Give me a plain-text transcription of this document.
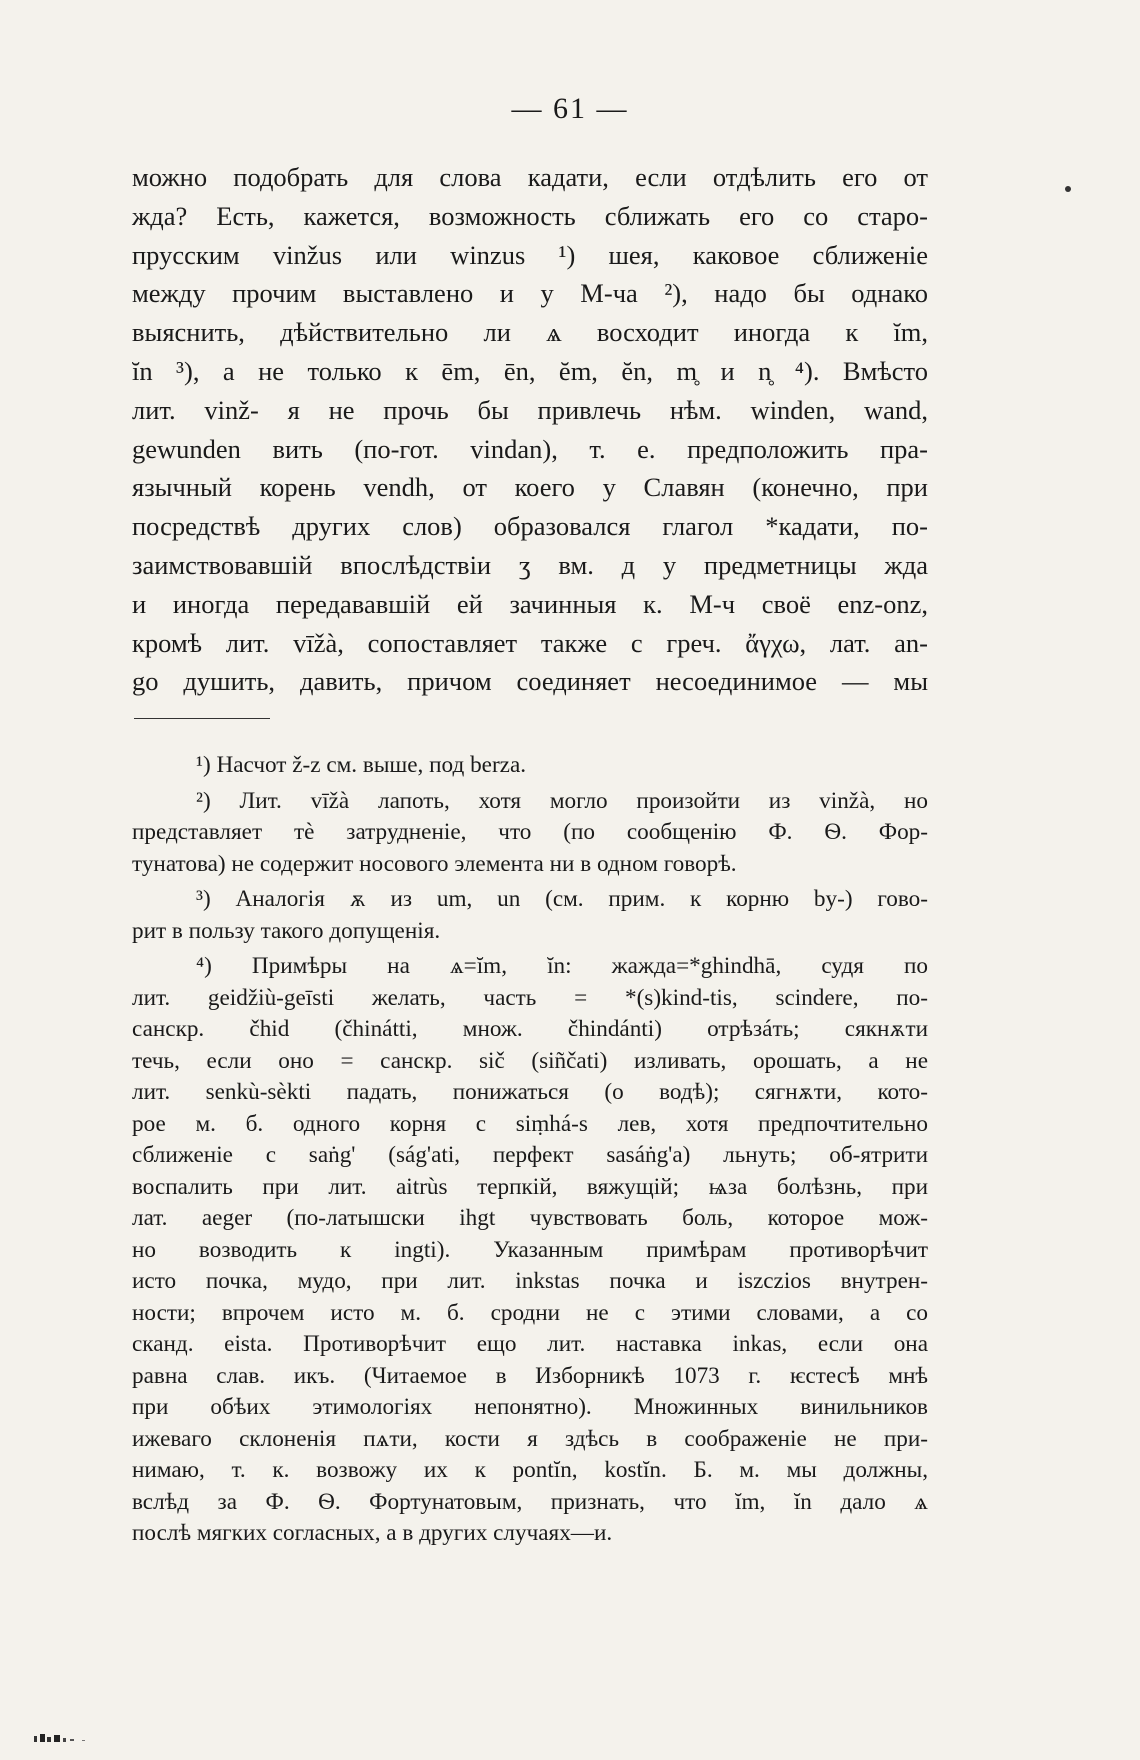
— 61 —
можно подобрать для слова кадати, если отдѣлить его от
жда? Есть, кажется, возможность сближать его со старо-
прусским vinžus или winzus ¹) шея, каковое сближеніе
между прочим выставлено и у М-ча ²), надо бы однако
выяснить, дѣйствительно ли ѧ восходит иногда к ĭm,
ĭn ³), а не только к ēm, ēn, ĕm, ĕn, m̥ и n̥ ⁴). Вмѣсто
лит. vinž- я не прочь бы привлечь нѣм. winden, wand,
gewunden вить (по-гот. vindan), т. е. предположить пра-
язычный корень vendh, от коего у Славян (конечно, при
посредствѣ других слов) образовался глагол *кадати, по-
заимствовавшій впослѣдствіи ʒ вм. д у предметницы жда
и иногда передававшій ей зачинныя к. М-ч своё enz-onz,
кромѣ лит. vīžà, сопоставляет также с греч. ἄγχω, лат. an-
go душить, давить, причом соединяет несоединимое — мы
¹) Насчот ž-z см. выше, под berza.
²) Лит. vīžà лапоть, хотя могло произойти из vinžà, но
представляет тѐ затрудненіе, что (по сообщенію Ф. Ѳ. Фор-
тунатова) не содержит носового элемента ни в одном говорѣ.
³) Аналогія ѫ из um, un (см. прим. к корню by-) гово-
рит в пользу такого допущенія.
⁴) Примѣры на ѧ=ĭm, ĭn: жажда=*ghindhā, судя по
лит. geidžiù-geīsti желать, часть = *(s)kind-tis, scindere, по-
санскр. čhid (čhinátti, множ. čhindánti) отрѣзáть; сякнѫти
течь, если оно = санскр. sič (siñčati) изливать, орошать, а не
лит. senkù-sèkti падать, понижаться (о водѣ); сягнѫти, кото-
рое м. б. одного корня с siṃhá-s лев, хотя предпочтительно
сближеніе с saṅg' (ság'ati, перфект sasáṅg'a) льнуть; об-ятрити
воспалить при лит. aitrùs терпкій, вяжущій; ѩза болѣзнь, при
лат. aeger (по-латышски ihgt чувствовать боль, которое мож-
но возводить к ingti). Указанным примѣрам противорѣчит
исто почка, мудо, при лит. inkstas почка и iszczios внутрен-
ности; впрочем исто м. б. сродни не с этими словами, а со
сканд. eista. Противорѣчит ещо лит. наставка inkas, если она
равна слав. икъ. (Читаемое в Изборникѣ 1073 г. ѥстесѣ мнѣ
при обѣих этимологіях непонятно). Множинных винильников
ижеваго склоненія пѧти, кости я здѣсь в соображеніе не при-
нимаю, т. к. возвожу их к pontĭn, kostĭn. Б. м. мы должны,
вслѣд за Ф. Ѳ. Фортунатовым, признать, что ĭm, ĭn дало ѧ
послѣ мягких согласных, а в других случаях—и.
